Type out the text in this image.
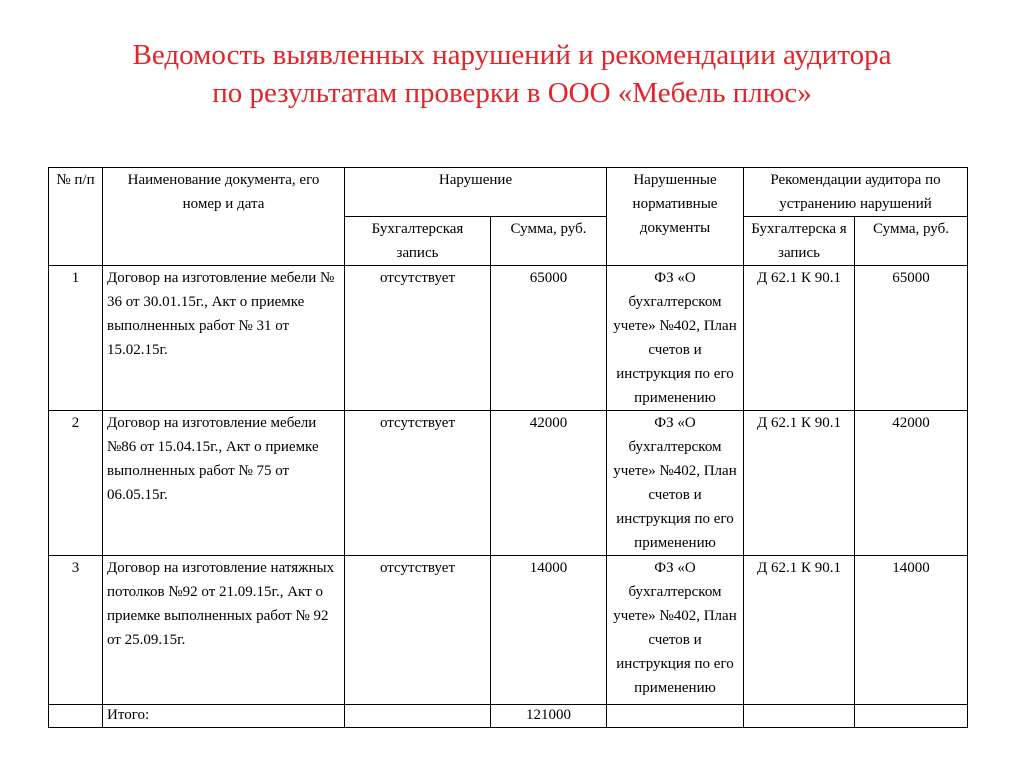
Ведомость выявленных нарушений и рекомендации аудитора
по результатам проверки в ООО «Мебель плюс»
№ п/п	Наименование документа, его номер и дата	Нарушение		Нарушенные нормативные документы	Рекомендации аудитора по устранению нарушений	
		Бухгалтерская запись	Сумма, руб.		Бухгалтерска я запись	Сумма, руб.
1	Договор на изготовление мебели № 36 от 30.01.15г., Акт о приемке выполненных работ № 31 от 15.02.15г.	отсутствует	65000	ФЗ «О бухгалтерском учете» №402, План счетов и инструкция по его применению	Д 62.1 К 90.1	65000
2	Договор на изготовление мебели №86 от 15.04.15г., Акт о приемке выполненных работ № 75 от 06.05.15г.	отсутствует	42000	ФЗ «О бухгалтерском учете» №402, План счетов и инструкция по его применению	Д 62.1 К 90.1	42000
3	Договор на изготовление натяжных потолков №92 от 21.09.15г., Акт о приемке выполненных работ № 92 от 25.09.15г.	отсутствует	14000	ФЗ «О бухгалтерском учете» №402, План счетов и инструкция по его применению	Д 62.1 К 90.1	14000
	Итого:		121000			
